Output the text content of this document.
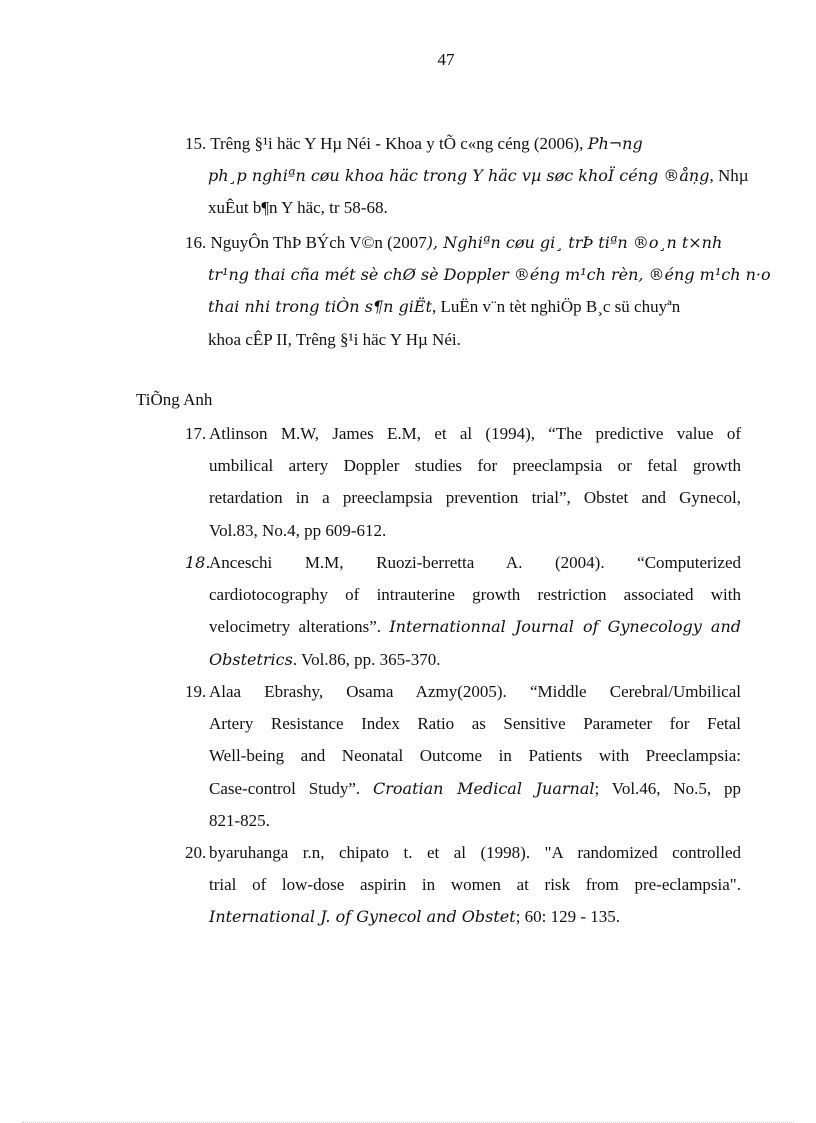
47
15. Trêng §¹i häc Y Hµ Néi - Khoa y tÕ c«ng céng (2006), Ph¬ng
ph¸p nghiªn cøu khoa häc trong Y häc vµ søc khoÏ céng ®åņg, Nhµ
xuÊut b¶n Y häc, tr 58-68.
16. NguyÔn ThÞ BÝch V©n (2007), Nghiªn cøu gi¸ trÞ tiªn ®o¸n t×nh
tr¹ng thai cña mét sè chØ sè Doppler ®éng m¹ch rèn, ®éng m¹ch n·o
thai nhi trong tiÒn s¶n giËt, LuËn v¨n tèt nghiÖp B¸c sü chuyªn
khoa cÊP II, Trêng §¹i häc Y Hµ Néi.
TiÕng Anh
17. Atlinson M.W, James E.M, et al (1994), “The predictive value of
umbilical artery Doppler studies for preeclampsia or fetal growth
retardation in a preeclampsia prevention trial”, Obstet and Gynecol,
Vol.83, No.4, pp 609-612.
18.
Anceschi M.M, Ruozi-berretta A. (2004). “Computerized
cardiotocography of intrauterine growth restriction associated with
velocimetry alterations”. Internationnal Journal of Gynecology and
Obstetrics. Vol.86, pp. 365-370.
19. Alaa Ebrashy, Osama Azmy(2005). “Middle Cerebral/Umbilical
Artery Resistance Index Ratio as Sensitive Parameter for Fetal
Well-being and Neonatal Outcome in Patients with Preeclampsia:
Case-control Study”. Croatian Medical Juarnal; Vol.46, No.5, pp
821-825.
20. byaruhanga r.n, chipato t. et al (1998). "A randomized controlled
trial of low-dose aspirin in women at risk from pre-eclampsia".
International J. of Gynecol and Obstet; 60: 129 - 135.
